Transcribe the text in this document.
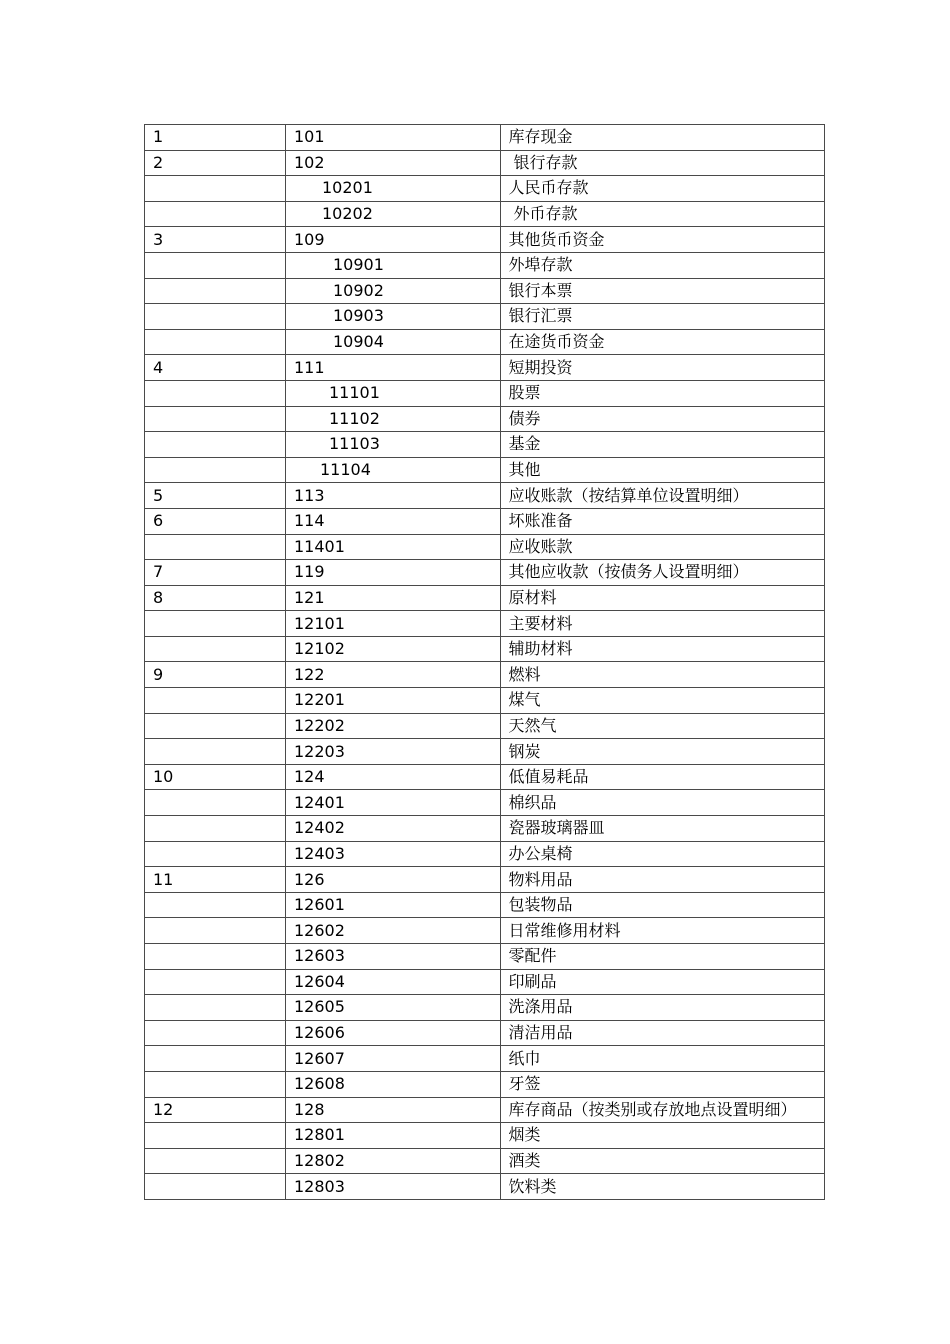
1	101	库存现金
2	102	银行存款
	10201	人民币存款
	10202	外币存款
3	109	其他货币资金
	10901	外埠存款
	10902	银行本票
	10903	银行汇票
	10904	在途货币资金
4	111	短期投资
	11101	股票
	11102	债券
	11103	基金
	11104	其他
5	113	应收账款（按结算单位设置明细）
6	114	坏账准备
	11401	应收账款
7	119	其他应收款（按债务人设置明细）
8	121	原材料
	12101	主要材料
	12102	辅助材料
9	122	燃料
	12201	煤气
	12202	天然气
	12203	钢炭
10	124	低值易耗品
	12401	棉织品
	12402	瓷器玻璃器皿
	12403	办公桌椅
11	126	物料用品
	12601	包装物品
	12602	日常维修用材料
	12603	零配件
	12604	印刷品
	12605	洗涤用品
	12606	清洁用品
	12607	纸巾
	12608	牙签
12	128	库存商品（按类别或存放地点设置明细）
	12801	烟类
	12802	酒类
	12803	饮料类
